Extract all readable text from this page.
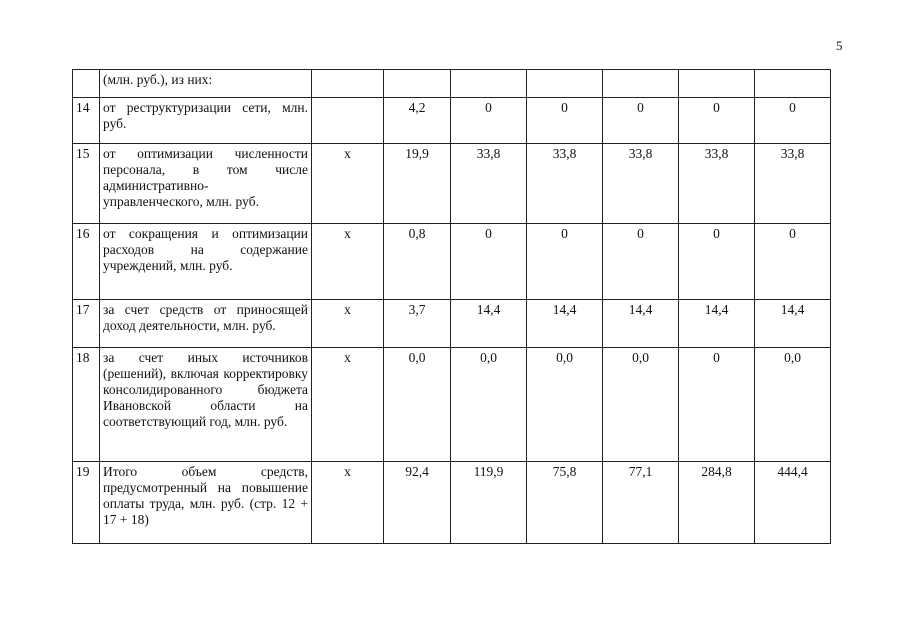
5
	(млн. руб.), из них:							
14	от реструктуризации сети, млн. руб.		4,2	0	0	0	0	0
15	от оптимизации численности персонала, в том числе административно-управленческого, млн. руб.	x	19,9	33,8	33,8	33,8	33,8	33,8
16	от сокращения и оптимизации расходов на содержание учреждений, млн. руб.	x	0,8	0	0	0	0	0
17	за счет средств от приносящей доход деятельности, млн. руб.	x	3,7	14,4	14,4	14,4	14,4	14,4
18	за счет иных источников (решений), включая корректировку консолидированного бюджета Ивановской области на соответствующий год, млн. руб.	x	0,0	0,0	0,0	0,0	0	0,0
19	Итого объем средств, предусмотренный на повышение оплаты труда, млн. руб. (стр. 12 + 17 + 18)	x	92,4	119,9	75,8	77,1	284,8	444,4
